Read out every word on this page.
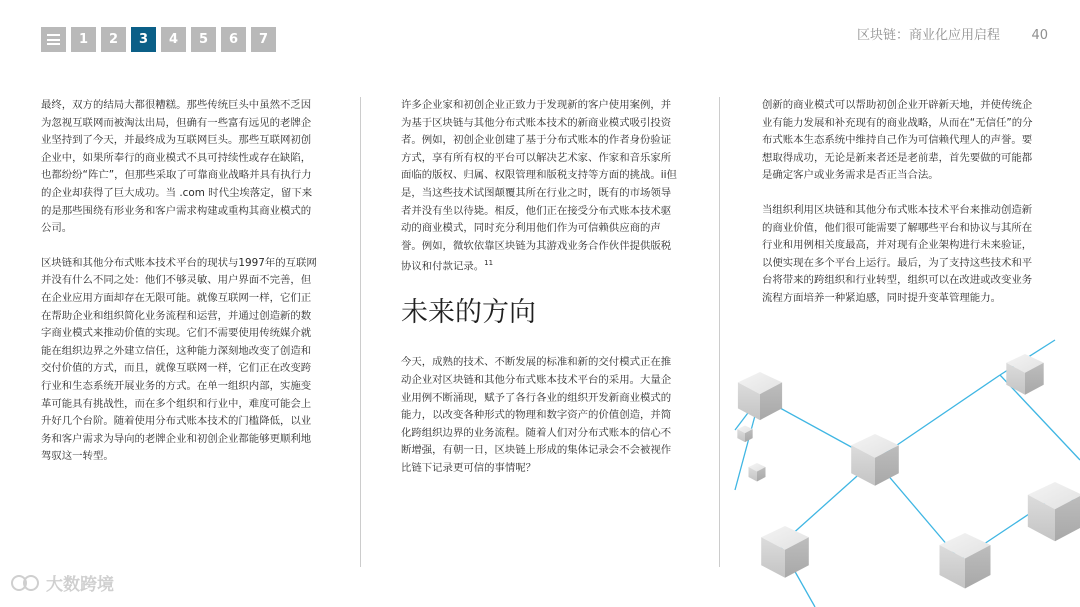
1	2	3	4	5	6	7	区块链：商业化应用启程	40

最终，双方的结局大都很糟糕。那些传统巨头中虽然不乏因为忽视互联网而被淘汰出局，但确有一些富有远见的老牌企业坚持到了今天，并最终成为互联网巨头。那些互联网初创企业中，如果所奉行的商业模式不具可持续性或存在缺陷，也都纷纷“阵亡”，但那些采取了可靠商业战略并具有执行力的企业却获得了巨大成功。当 .com 时代尘埃落定，留下来的是那些围绕有形业务和客户需求构建或重构其商业模式的公司。

区块链和其他分布式账本技术平台的现状与1997年的互联网并没有什么不同之处：他们不够灵敏、用户界面不完善，但在企业应用方面却存在无限可能。就像互联网一样，它们正在帮助企业和组织简化业务流程和运营，并通过创造新的数字商业模式来推动价值的实现。它们不需要使用传统媒介就能在组织边界之外建立信任，这种能力深刻地改变了创造和交付价值的方式，而且，就像互联网一样，它们正在改变跨行业和生态系统开展业务的方式。在单一组织内部，实施变革可能具有挑战性，而在多个组织和行业中，难度可能会上升好几个台阶。随着使用分布式账本技术的门槛降低，以业务和客户需求为导向的老牌企业和初创企业都能够更顺利地驾驭这一转型。

许多企业家和初创企业正致力于发现新的客户使用案例，并为基于区块链与其他分布式账本技术的新商业模式吸引投资者。例如，初创企业创建了基于分布式账本的作者身份验证方式，享有所有权的平台可以解决艺术家、作家和音乐家所面临的版权、归属、权限管理和版税支持等方面的挑战。ii但是，当这些技术试图颠覆其所在行业之时，既有的市场领导者并没有坐以待毙。相反，他们正在接受分布式账本技术驱动的商业模式，同时充分利用他们作为可信赖供应商的声誉。例如，微软依靠区块链为其游戏业务合作伙伴提供版税协议和付款记录。$^{11}$

未来的方向

今天，成熟的技术、不断发展的标准和新的交付模式正在推动企业对区块链和其他分布式账本技术平台的采用。大量企业用例不断涌现，赋予了各行各业的组织开发新商业模式的能力，以改变各种形式的物理和数字资产的价值创造，并简化跨组织边界的业务流程。随着人们对分布式账本的信心不断增强，有朝一日，区块链上形成的集体记录会不会被视作比链下记录更可信的事情呢？

创新的商业模式可以帮助初创企业开辟新天地，并使传统企业有能力发展和补充现有的商业战略，从而在“无信任”的分布式账本生态系统中维持自己作为可信赖代理人的声誉。要想取得成功，无论是新来者还是老前辈，首先要做的可能都是确定客户或业务需求是否正当合法。

当组织利用区块链和其他分布式账本技术平台来推动创造新的商业价值，他们很可能需要了解哪些平台和协议与其所在行业和用例相关度最高，并对现有企业架构进行未来验证，以便实现在多个平台上运行。最后，为了支持这些技术和平台将带来的跨组织和行业转型，组织可以在改进或改变业务流程方面培养一种紧迫感，同时提升变革管理能力。

大数跨境
